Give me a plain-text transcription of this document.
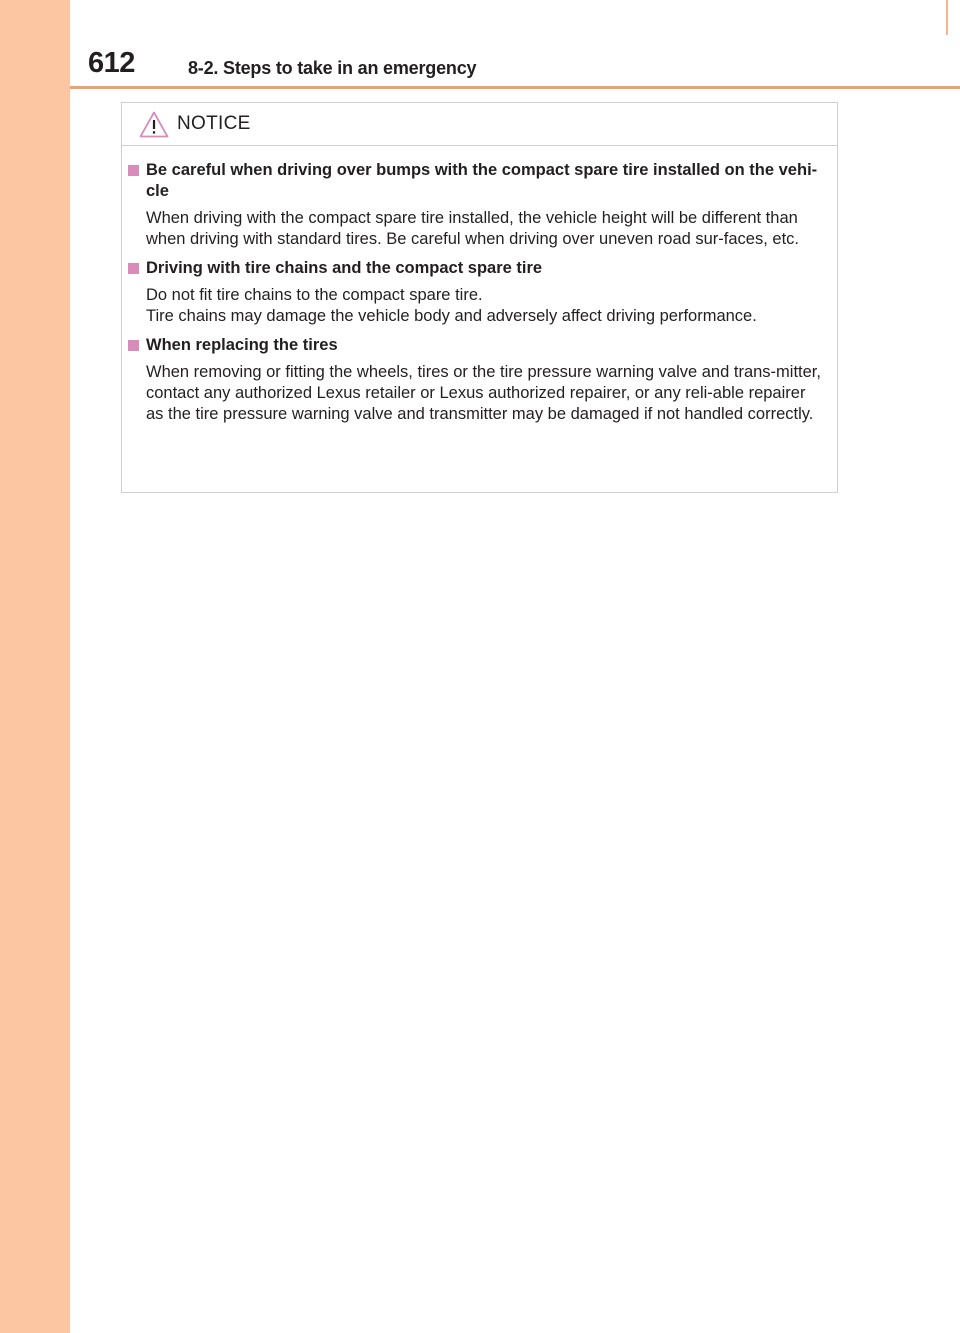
612	8-2. Steps to take in an emergency

NOTICE

Be careful when driving over bumps with the compact spare tire installed on the vehi-
cle

When driving with the compact spare tire installed, the vehicle height will be different than when driving with standard tires. Be careful when driving over uneven road sur-faces, etc.

Driving with tire chains and the compact spare tire

Do not fit tire chains to the compact spare tire.
Tire chains may damage the vehicle body and adversely affect driving performance.

When replacing the tires

When removing or fitting the wheels, tires or the tire pressure warning valve and trans-mitter, contact any authorized Lexus retailer or Lexus authorized repairer, or any reli-able repairer as the tire pressure warning valve and transmitter may be damaged if not handled correctly.
